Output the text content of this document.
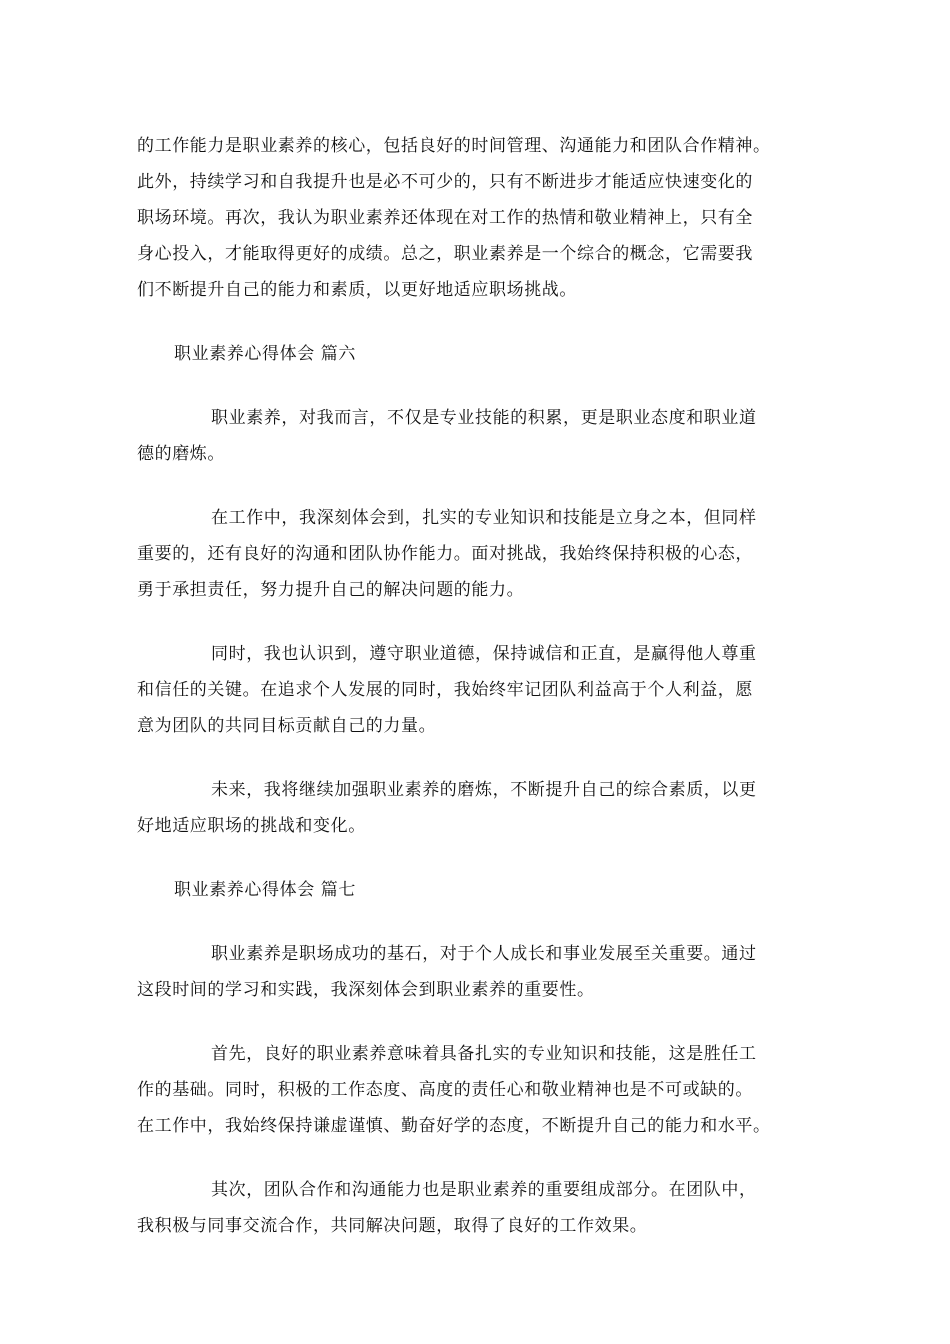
的工作能力是职业素养的核心，包括良好的时间管理、沟通能力和团队合作精神。
此外，持续学习和自我提升也是必不可少的，只有不断进步才能适应快速变化的
职场环境。再次，我认为职业素养还体现在对工作的热情和敬业精神上，只有全
身心投入，才能取得更好的成绩。总之，职业素养是一个综合的概念，它需要我
们不断提升自己的能力和素质，以更好地适应职场挑战。

职业素养心得体会 篇六

职业素养，对我而言，不仅是专业技能的积累，更是职业态度和职业道
德的磨炼。

在工作中，我深刻体会到，扎实的专业知识和技能是立身之本，但同样
重要的，还有良好的沟通和团队协作能力。面对挑战，我始终保持积极的心态，
勇于承担责任，努力提升自己的解决问题的能力。

同时，我也认识到，遵守职业道德，保持诚信和正直，是赢得他人尊重
和信任的关键。在追求个人发展的同时，我始终牢记团队利益高于个人利益，愿
意为团队的共同目标贡献自己的力量。

未来，我将继续加强职业素养的磨炼，不断提升自己的综合素质，以更
好地适应职场的挑战和变化。

职业素养心得体会 篇七

职业素养是职场成功的基石，对于个人成长和事业发展至关重要。通过
这段时间的学习和实践，我深刻体会到职业素养的重要性。

首先，良好的职业素养意味着具备扎实的专业知识和技能，这是胜任工
作的基础。同时，积极的工作态度、高度的责任心和敬业精神也是不可或缺的。
在工作中，我始终保持谦虚谨慎、勤奋好学的态度，不断提升自己的能力和水平。

其次，团队合作和沟通能力也是职业素养的重要组成部分。在团队中，
我积极与同事交流合作，共同解决问题，取得了良好的工作效果。
